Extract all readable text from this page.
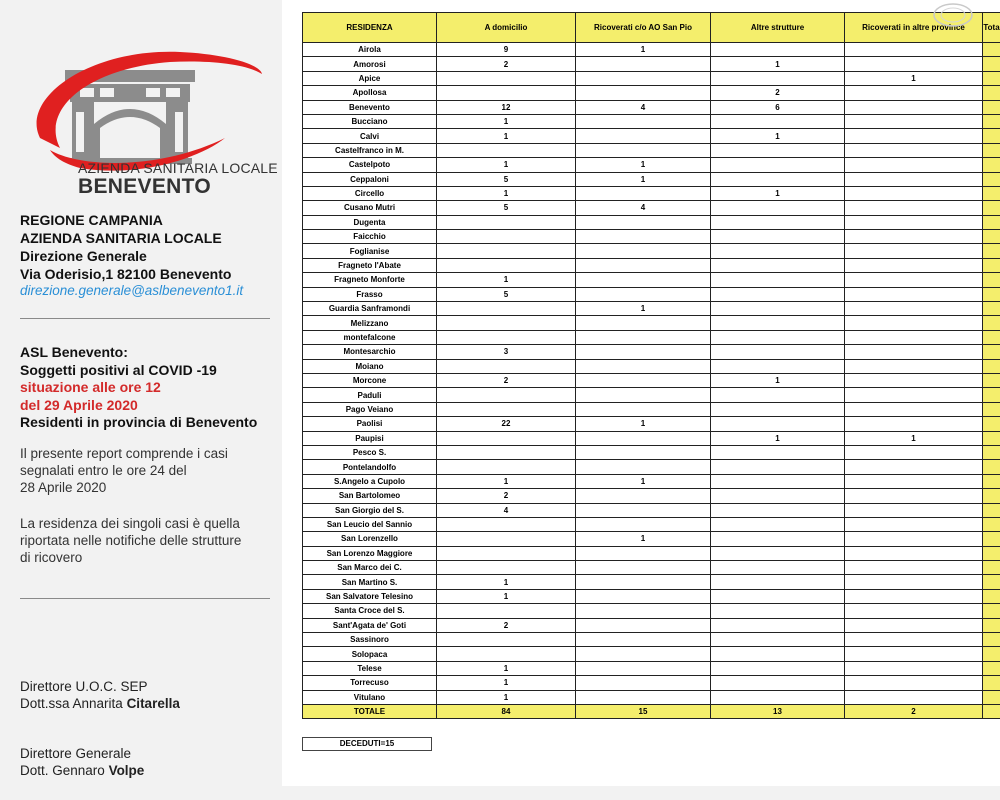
AZIENDA SANITARIA LOCALE
BENEVENTO
REGIONE CAMPANIA
AZIENDA SANITARIA LOCALE
Direzione Generale
Via Oderisio,1 82100 Benevento
direzione.generale@aslbenevento1.it
ASL Benevento:
Soggetti positivi al COVID -19
situazione alle ore 12
del 29 Aprile 2020
Residenti in provincia di Benevento
Il presente report comprende i casi
segnalati entro le ore 24 del
28 Aprile 2020
La residenza dei singoli casi è quella
riportata nelle notifiche delle strutture
di ricovero
Direttore U.O.C. SEP
Dott.ssa Annarita Citarella
Direttore Generale
Dott. Gennaro Volpe
RESIDENZA	A domicilio	Ricoverati c/o AO San Pio	Altre strutture	Ricoverati in altre province	Tota
Airola	9	1			
Amorosi	2		1		
Apice				1	
Apollosa			2		
Benevento	12	4	6		
Bucciano	1				
Calvi	1		1		
Castelfranco in M.					
Castelpoto	1	1			
Ceppaloni	5	1			
Circello	1		1		
Cusano Mutri	5	4			
Dugenta					
Faicchio					
Foglianise					
Fragneto l'Abate					
Fragneto Monforte	1				
Frasso	5				
Guardia Sanframondi		1			
Melizzano					
montefalcone					
Montesarchio	3				
Moiano					
Morcone	2		1		
Paduli					
Pago Veiano					
Paolisi	22	1			
Paupisi			1	1	
Pesco S.					
Pontelandolfo					
S.Angelo a Cupolo	1	1			
San Bartolomeo	2				
San Giorgio del S.	4				
San Leucio del Sannio					
San Lorenzello		1			
San Lorenzo Maggiore					
San Marco dei C.					
San Martino S.	1				
San Salvatore Telesino	1				
Santa Croce del S.					
Sant'Agata de' Goti	2				
Sassinoro					
Solopaca					
Telese	1				
Torrecuso	1				
Vitulano	1				
TOTALE	84	15	13	2	
DECEDUTI=15
